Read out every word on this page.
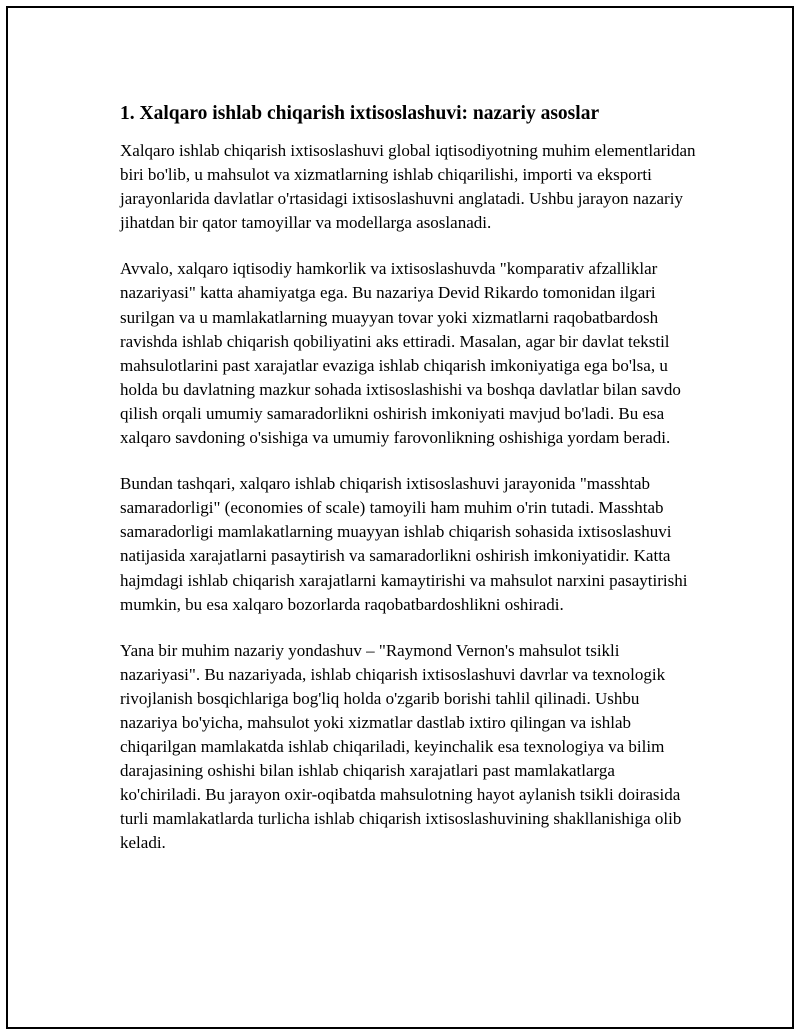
1. Xalqaro ishlab chiqarish ixtisoslashuvi: nazariy asoslar

Xalqaro ishlab chiqarish ixtisoslashuvi global iqtisodiyotning muhim elementlaridan biri bo'lib, u mahsulot va xizmatlarning ishlab chiqarilishi, importi va eksporti jarayonlarida davlatlar o'rtasidagi ixtisoslashuvni anglatadi. Ushbu jarayon nazariy jihatdan bir qator tamoyillar va modellarga asoslanadi.

Avvalo, xalqaro iqtisodiy hamkorlik va ixtisoslashuvda "komparativ afzalliklar nazariyasi" katta ahamiyatga ega. Bu nazariya Devid Rikardo tomonidan ilgari surilgan va u mamlakatlarning muayyan tovar yoki xizmatlarni raqobatbardosh ravishda ishlab chiqarish qobiliyatini aks ettiradi. Masalan, agar bir davlat tekstil mahsulotlarini past xarajatlar evaziga ishlab chiqarish imkoniyatiga ega bo'lsa, u holda bu davlatning mazkur sohada ixtisoslashishi va boshqa davlatlar bilan savdo qilish orqali umumiy samaradorlikni oshirish imkoniyati mavjud bo'ladi. Bu esa xalqaro savdoning o'sishiga va umumiy farovonlikning oshishiga yordam beradi.

Bundan tashqari, xalqaro ishlab chiqarish ixtisoslashuvi jarayonida "masshtab samaradorligi" (economies of scale) tamoyili ham muhim o'rin tutadi. Masshtab samaradorligi mamlakatlarning muayyan ishlab chiqarish sohasida ixtisoslashuvi natijasida xarajatlarni pasaytirish va samaradorlikni oshirish imkoniyatidir. Katta hajmdagi ishlab chiqarish xarajatlarni kamaytirishi va mahsulot narxini pasaytirishi mumkin, bu esa xalqaro bozorlarda raqobatbardoshlikni oshiradi.

Yana bir muhim nazariy yondashuv – "Raymond Vernon's mahsulot tsikli nazariyasi". Bu nazariyada, ishlab chiqarish ixtisoslashuvi davrlar va texnologik rivojlanish bosqichlariga bog'liq holda o'zgarib borishi tahlil qilinadi. Ushbu nazariya bo'yicha, mahsulot yoki xizmatlar dastlab ixtiro qilingan va ishlab chiqarilgan mamlakatda ishlab chiqariladi, keyinchalik esa texnologiya va bilim darajasining oshishi bilan ishlab chiqarish xarajatlari past mamlakatlarga ko'chiriladi. Bu jarayon oxir-oqibatda mahsulotning hayot aylanish tsikli doirasida turli mamlakatlarda turlicha ishlab chiqarish ixtisoslashuvining shakllanishiga olib keladi.
